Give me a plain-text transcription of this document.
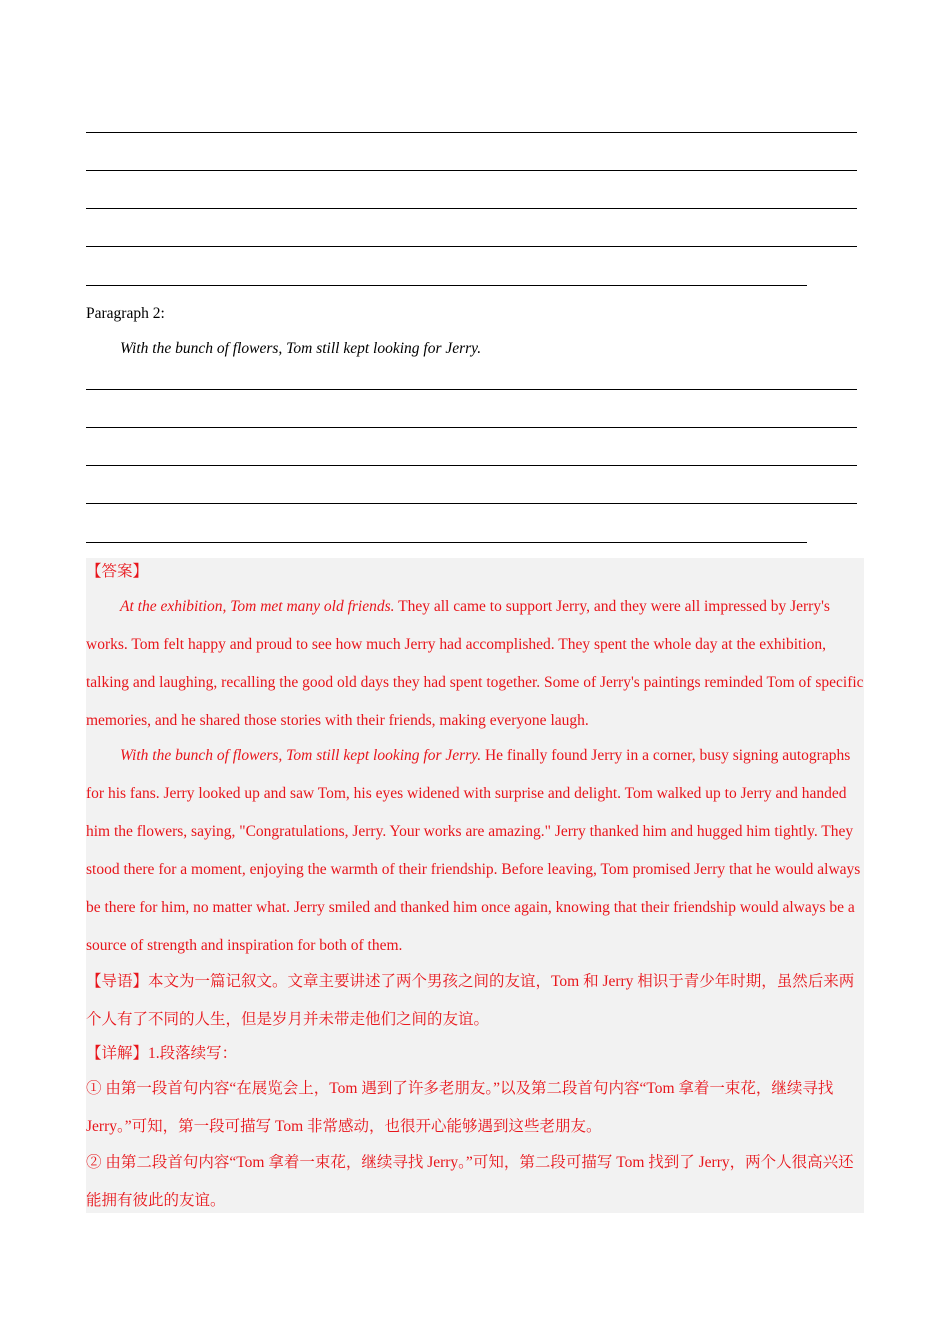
Paragraph 2:
With the bunch of flowers, Tom still kept looking for Jerry.
【答案】
At the exhibition, Tom met many old friends. They all came to support Jerry, and they were all impressed by Jerry's works. Tom felt happy and proud to see how much Jerry had accomplished. They spent the whole day at the exhibition, talking and laughing, recalling the good old days they had spent together. Some of Jerry's paintings reminded Tom of specific memories, and he shared those stories with their friends, making everyone laugh.
With the bunch of flowers, Tom still kept looking for Jerry. He finally found Jerry in a corner, busy signing autographs for his fans. Jerry looked up and saw Tom, his eyes widened with surprise and delight. Tom walked up to Jerry and handed him the flowers, saying, "Congratulations, Jerry. Your works are amazing." Jerry thanked him and hugged him tightly. They stood there for a moment, enjoying the warmth of their friendship. Before leaving, Tom promised Jerry that he would always be there for him, no matter what. Jerry smiled and thanked him once again, knowing that their friendship would always be a source of strength and inspiration for both of them.
【导语】本文为一篇记叙文。文章主要讲述了两个男孩之间的友谊，Tom 和 Jerry 相识于青少年时期，虽然后来两个人有了不同的人生，但是岁月并未带走他们之间的友谊。
【详解】1.段落续写：
① 由第一段首句内容“在展览会上，Tom 遇到了许多老朋友。”以及第二段首句内容“Tom 拿着一束花，继续寻找 Jerry。”可知，第一段可描写 Tom 非常感动，也很开心能够遇到这些老朋友。
② 由第二段首句内容“Tom 拿着一束花，继续寻找 Jerry。”可知，第二段可描写 Tom 找到了 Jerry，两个人很高兴还能拥有彼此的友谊。
